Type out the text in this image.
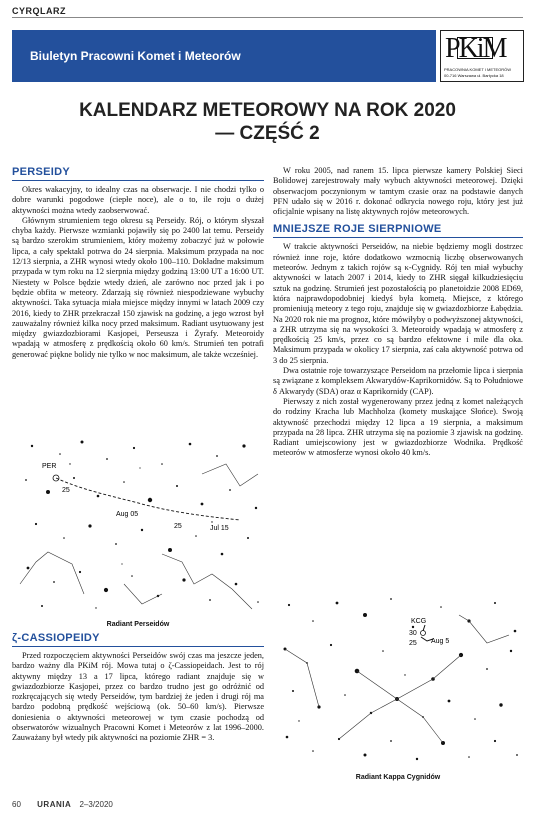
CYRQLARZ
Biuletyn Pracowni Komet i Meteorów	PKiM
PRACOWNIA KOMET I METEORÓW
00-716 Warszawa ul. Bartycka 18
KALENDARZ METEOROWY NA ROK 2020
— CZĘŚĆ 2
PERSEIDY

Okres wakacyjny, to idealny czas na obserwacje. I nie chodzi tylko o dobre warunki pogodowe (ciepłe noce), ale o to, ile roju o dużej aktywności można wtedy zaobserwować.

Głównym strumieniem tego okresu są Perseidy. Rój, o którym słyszał chyba każdy. Pierwsze wzmianki pojawiły się po 2400 lat temu. Perseidy są bardzo szerokim strumieniem, który możemy zobaczyć już w połowie lipca, a cały spektakl potrwa do 24 sierpnia. Maksimum przypada na noc 12/13 sierpnia, a ZHR wynosi wtedy około 100–110. Dokładne maksimum przypada w tym roku na 12 sierpnia między godziną 13:00 UT a 16:00 UT. Niestety w Polsce będzie wtedy dzień, ale zarówno noc przed jak i po będzie obfita w meteory. Zdarzają się również niespodziewane wybuchy aktywności. Taka sytuacja miała miejsce między innymi w latach 2009 czy 2016, kiedy to ZHR przekraczał 150 zjawisk na godzinę, a jego wzrost był zauważalny również kilka nocy przed maksimum. Radiant usytuowany jest między gwiazdozbiorami Kasjopei, Perseusza i Żyrafy. Meteoroidy wpadają w atmosferę z prędkością około 60 km/s. Strumień ten potrafi generować piękne bolidy nie tylko w noc maksimum, ale także wcześniej.

PER
25
Aug 05
25	Jul 15
Radiant Perseidów
ζ-CASSIOPEIDY

Przed rozpoczęciem aktywności Perseidów swój czas ma jeszcze jeden, bardzo ważny dla PKiM rój. Mowa tutaj o ζ-Cassiopeidach. Jest to rój aktywny między 13 a 17 lipca, którego radiant znajduje się w gwiazdozbiorze Kasjopei, przez co bardzo trudno jest go odróżnić od rozkręcających się wtedy Perseidów, tym bardziej że jeden i drugi rój ma bardzo podobną prędkość wejściową (ok. 50–60 km/s). Pierwsze doniesienia o aktywności meteorowej w tym czasie pochodzą od obserwatorów wizualnych Pracowni Komet i Meteorów z lat 1996–2000. Zauważany był wtedy pik aktywności na poziomie ZHR = 3.

W roku 2005, nad ranem 15. lipca pierwsze kamery Polskiej Sieci Bolidowej zarejestrowały mały wybuch aktywności meteorowej. Dzięki obserwacjom poczynionym w tamtym czasie oraz na podstawie danych PFN udało się w 2016 r. dokonać odkrycia nowego roju, który jest już oficjalnie wpisany na listę aktywnych rojów meteorowych.

MNIEJSZE ROJE SIERPNIOWE

W trakcie aktywności Perseidów, na niebie będziemy mogli dostrzec również inne roje, które dodatkowo wzmocnią liczbę obserwowanych meteorów. Jednym z takich rojów są κ-Cygnidy. Rój ten miał wybuchy aktywności w latach 2007 i 2014, kiedy to ZHR sięgał kilkudziesięciu sztuk na godzinę. Strumień jest pozostałością po planetoidzie 2008 ED69, która najprawdopodobniej kiedyś była kometą. Miejsce, z którego promieniują meteory z tego roju, znajduje się w gwiazdozbiorze Łabędzia. Na 2020 rok nie ma prognoz, które mówiłyby o podwyższonej aktywności, a ZHR utrzyma się na wysokości 3. Meteoroidy wpadają w atmosferę z prędkością 25 km/s, przez co są bardzo efektowne i mile dla oka. Maksimum przypada w okolicy 17 sierpnia, zaś cała aktywność potrwa od 3 do 25 sierpnia.

Dwa ostatnie roje towarzyszące Perseidom na przełomie lipca i sierpnia są związane z kompleksem Akwarydów-Kaprikornidów. Są to Południowe δ Akwarydy (SDA) oraz α Kaprikornidy (CAP).

Pierwszy z nich został wygenerowany przez jedną z komet należących do rodziny Kracha lub Machholza (komety muskające Słońce). Swoją aktywność przechodzi między 12 lipca a 19 sierpnia, a maksimum przypada na 28 lipca. ZHR utrzyma się na poziomie 3 zjawisk na godzinę. Radiant umiejscowiony jest w gwiazdozbiorze Wodnika. Prędkość meteorów w atmosferze wynosi około 40 km/s.

KCG
30
25 Aug 5
Radiant Kappa Cygnidów
60 URANIA 2–3/2020
